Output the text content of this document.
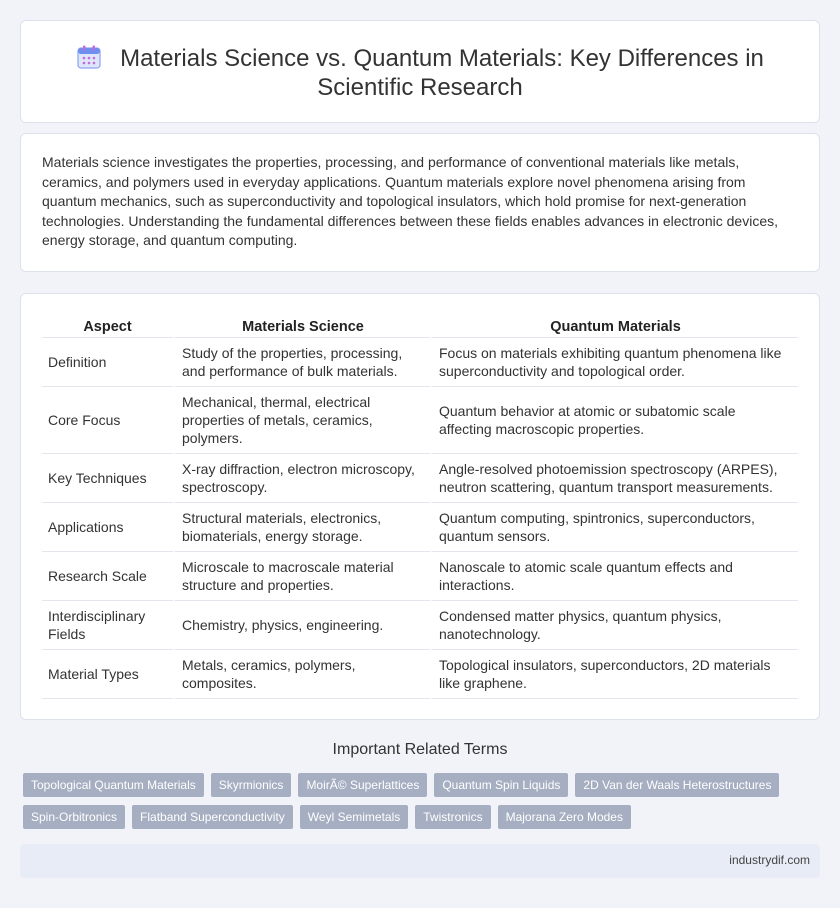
Materials Science vs. Quantum Materials: Key Differences in Scientific Research

Materials science investigates the properties, processing, and performance of conventional materials like metals, ceramics, and polymers used in everyday applications. Quantum materials explore novel phenomena arising from quantum mechanics, such as superconductivity and topological insulators, which hold promise for next-generation technologies. Understanding the fundamental differences between these fields enables advances in electronic devices, energy storage, and quantum computing.

Aspect	Materials Science	Quantum Materials
Definition	Study of the properties, processing, and performance of bulk materials.	Focus on materials exhibiting quantum phenomena like superconductivity and topological order.
Core Focus	Mechanical, thermal, electrical properties of metals, ceramics, polymers.	Quantum behavior at atomic or subatomic scale affecting macroscopic properties.
Key Techniques	X-ray diffraction, electron microscopy, spectroscopy.	Angle-resolved photoemission spectroscopy (ARPES), neutron scattering, quantum transport measurements.
Applications	Structural materials, electronics, biomaterials, energy storage.	Quantum computing, spintronics, superconductors, quantum sensors.
Research Scale	Microscale to macroscale material structure and properties.	Nanoscale to atomic scale quantum effects and interactions.
Interdisciplinary Fields	Chemistry, physics, engineering.	Condensed matter physics, quantum physics, nanotechnology.
Material Types	Metals, ceramics, polymers, composites.	Topological insulators, superconductors, 2D materials like graphene.
Important Related Terms
Topological Quantum Materials	Skyrmionics	MoirÃ© Superlattices	Quantum Spin Liquids	2D Van der Waals Heterostructures
Spin-Orbitronics	Flatband Superconductivity	Weyl Semimetals	Twistronics	Majorana Zero Modes
industrydif.com
